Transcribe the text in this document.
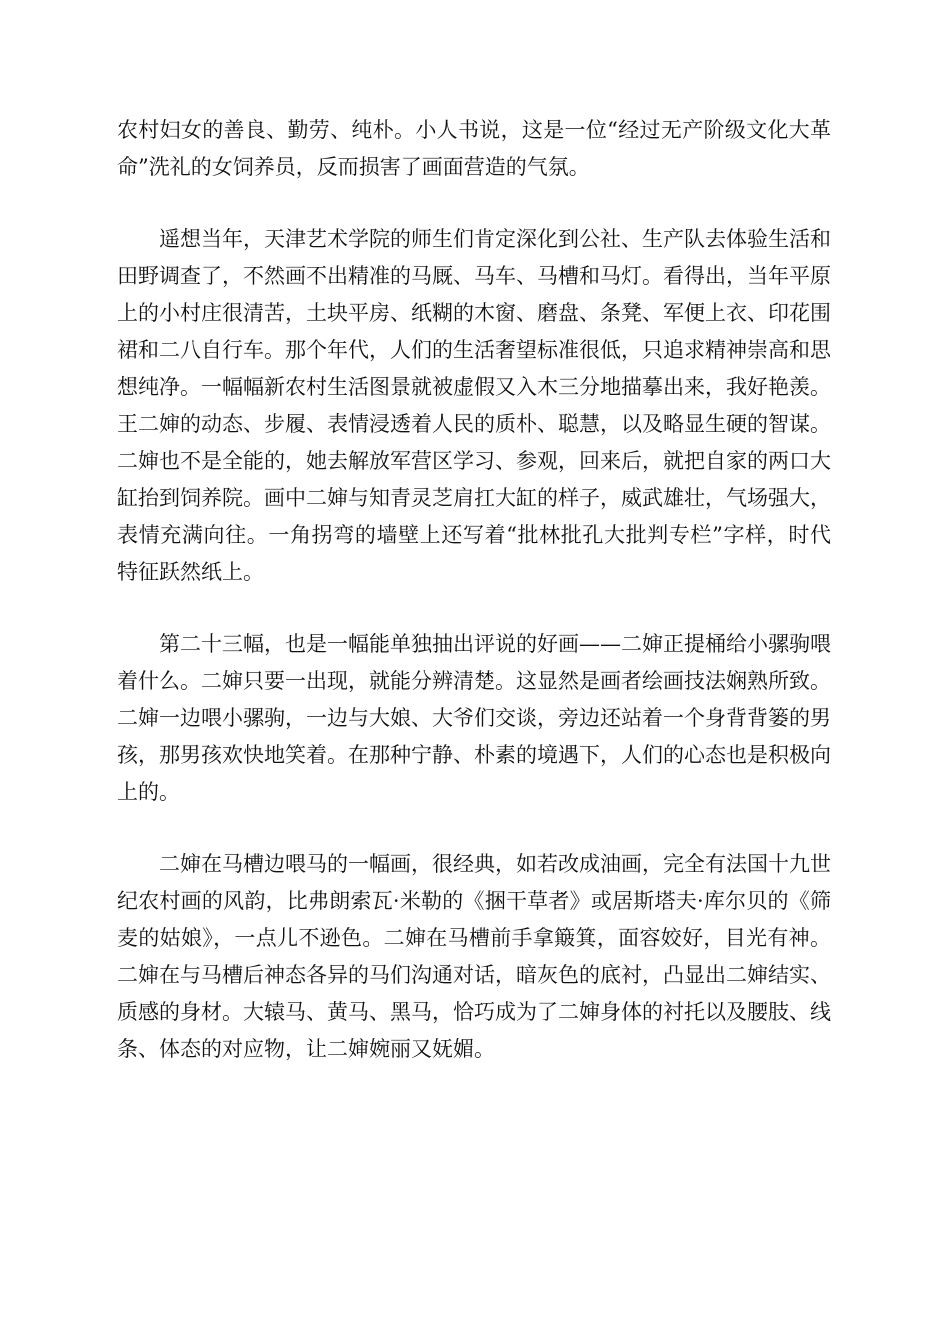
农村妇女的善良、勤劳、纯朴。小人书说，这是一位“经过无产阶级文化大革命”洗礼的女饲养员，反而损害了画面营造的气氛。

遥想当年，天津艺术学院的师生们肯定深化到公社、生产队去体验生活和田野调查了，不然画不出精准的马厩、马车、马槽和马灯。看得出，当年平原上的小村庄很清苦，土块平房、纸糊的木窗、磨盘、条凳、军便上衣、印花围裙和二八自行车。那个年代，人们的生活奢望标准很低，只追求精神崇高和思想纯净。一幅幅新农村生活图景就被虚假又入木三分地描摹出来，我好艳羡。王二婶的动态、步履、表情浸透着人民的质朴、聪慧，以及略显生硬的智谋。二婶也不是全能的，她去解放军营区学习、参观，回来后，就把自家的两口大缸抬到饲养院。画中二婶与知青灵芝肩扛大缸的样子，威武雄壮，气场强大，表情充满向往。一角拐弯的墙壁上还写着“批林批孔大批判专栏”字样，时代特征跃然纸上。

第二十三幅，也是一幅能单独抽出评说的好画——二婶正提桶给小骡驹喂着什么。二婶只要一出现，就能分辨清楚。这显然是画者绘画技法娴熟所致。二婶一边喂小骡驹，一边与大娘、大爷们交谈，旁边还站着一个身背背篓的男孩，那男孩欢快地笑着。在那种宁静、朴素的境遇下，人们的心态也是积极向上的。

二婶在马槽边喂马的一幅画，很经典，如若改成油画，完全有法国十九世纪农村画的风韵，比弗朗索瓦·米勒的《捆干草者》或居斯塔夫·库尔贝的《筛麦的姑娘》，一点儿不逊色。二婶在马槽前手拿簸箕，面容姣好，目光有神。二婶在与马槽后神态各异的马们沟通对话，暗灰色的底衬，凸显出二婶结实、质感的身材。大辕马、黄马、黑马，恰巧成为了二婶身体的衬托以及腰肢、线条、体态的对应物，让二婶婉丽又妩媚。
